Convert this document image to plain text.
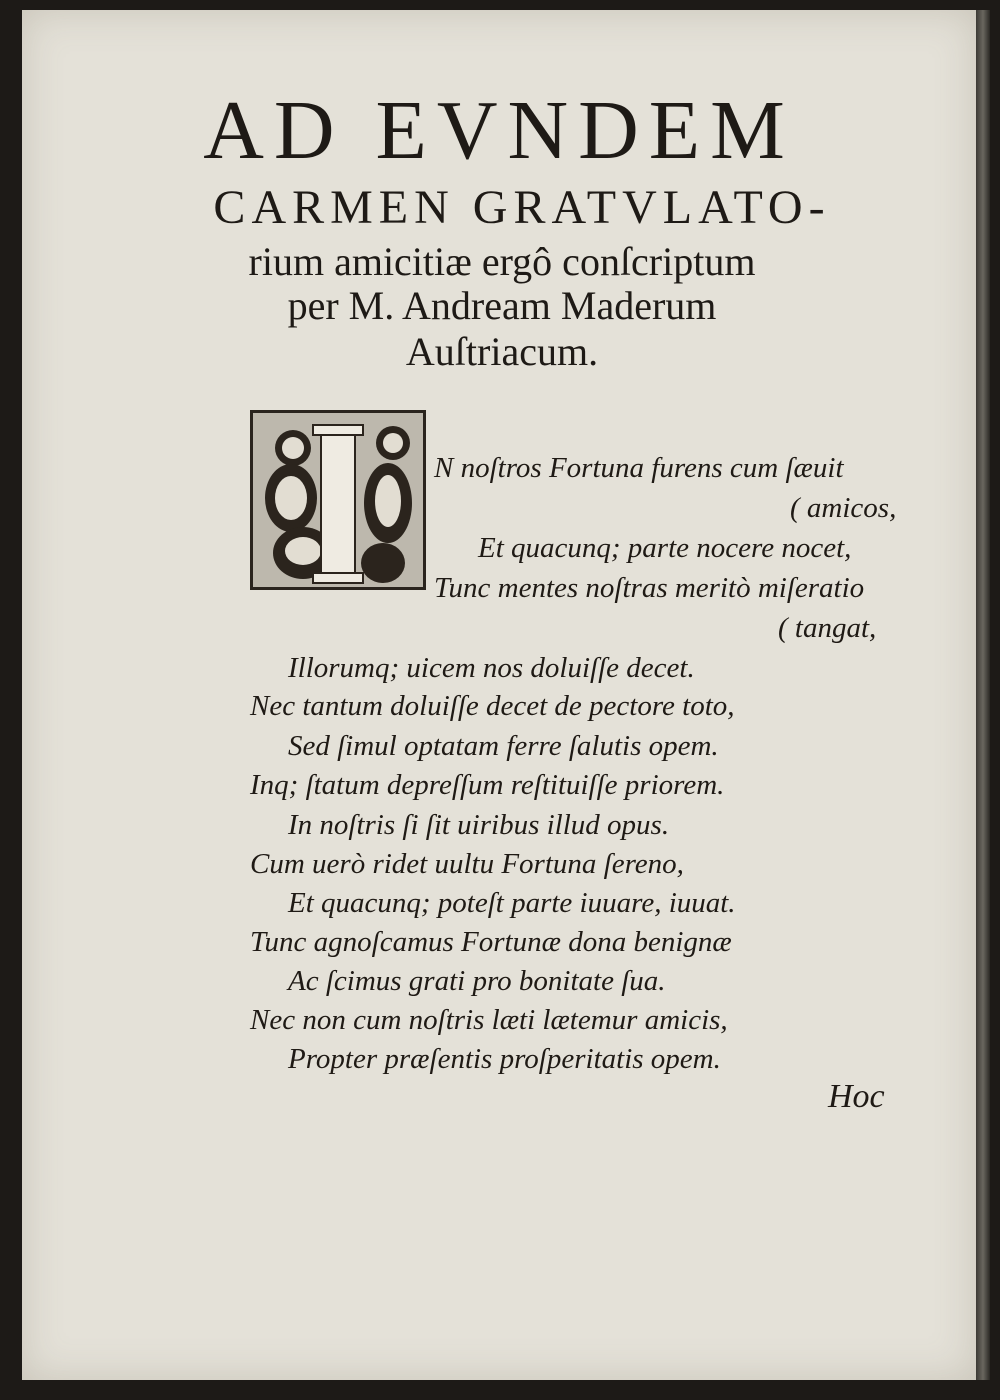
AD EVNDEM
CARMEN GRATVLATO-
rium amicitiæ ergô conſcriptum
per M. Andream Maderum
Auſtriacum.
N noſtros Fortuna furens cum ſæuit
( amicos,
Et quacunq; parte nocere nocet,
Tunc mentes noſtras meritò miſeratio
( tangat,
Illorumq; uicem nos doluiſſe decet.
Nec tantum doluiſſe decet de pectore toto,
Sed ſimul optatam ferre ſalutis opem.
Inq; ſtatum depreſſum reſtituiſſe priorem.
In noſtris ſi ſit uiribus illud opus.
Cum uerò ridet uultu Fortuna ſereno,
Et quacunq; poteſt parte iuuare, iuuat.
Tunc agnoſcamus Fortunæ dona benignæ
Ac ſcimus grati pro bonitate ſua.
Nec non cum noſtris læti lætemur amicis,
Propter præſentis proſperitatis opem.
Hoc
